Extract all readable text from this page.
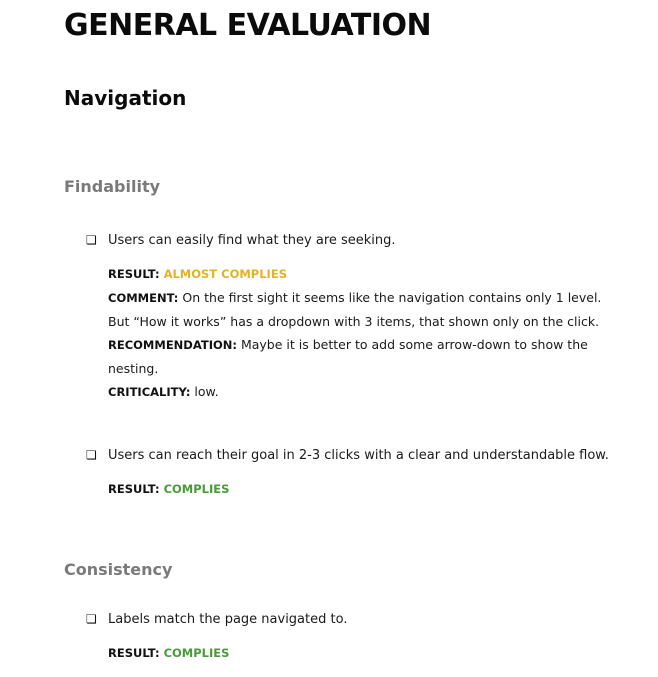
GENERAL EVALUATION
Navigation
Findability
❏ Users can easily find what they are seeking.
RESULT: ALMOST COMPLIES
COMMENT: On the first sight it seems like the navigation contains only 1 level. But “How it works” has a dropdown with 3 items, that shown only on the click.
RECOMMENDATION: Maybe it is better to add some arrow-down to show the nesting.
CRITICALITY: low.
❏ Users can reach their goal in 2-3 clicks with a clear and understandable flow.
RESULT: COMPLIES
Consistency
❏ Labels match the page navigated to.
RESULT: COMPLIES
